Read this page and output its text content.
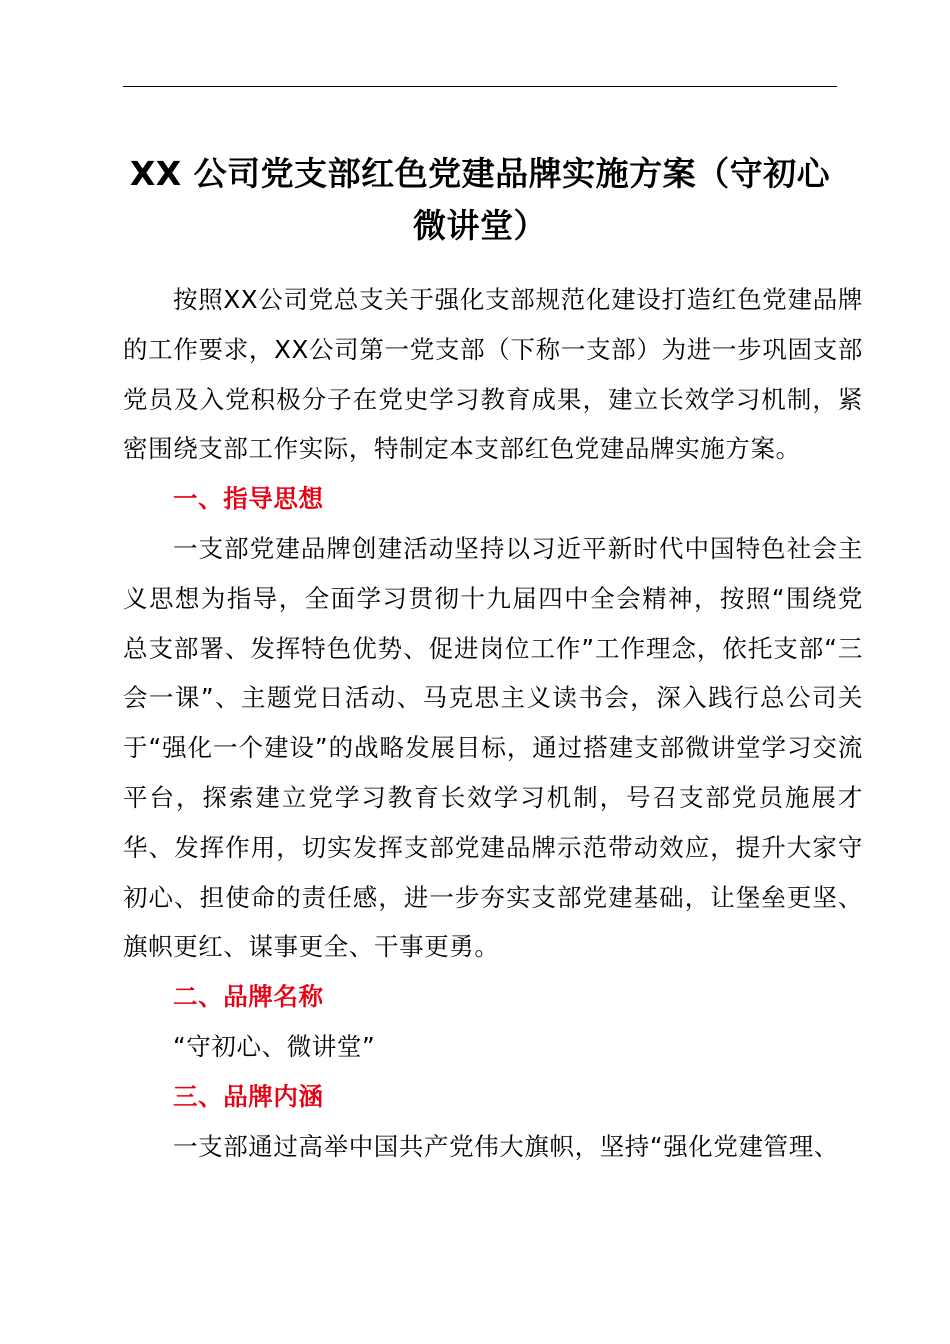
XX 公司党支部红色党建品牌实施方案（守初心微讲堂）

按照XX公司党总支关于强化支部规范化建设打造红色党建品牌的工作要求，XX公司第一党支部（下称一支部）为进一步巩固支部党员及入党积极分子在党史学习教育成果，建立长效学习机制，紧密围绕支部工作实际，特制定本支部红色党建品牌实施方案。

一、指导思想

一支部党建品牌创建活动坚持以习近平新时代中国特色社会主义思想为指导，全面学习贯彻十九届四中全会精神，按照“围绕党总支部署、发挥特色优势、促进岗位工作”工作理念，依托支部“三会一课”、主题党日活动、马克思主义读书会，深入践行总公司关于“强化一个建设”的战略发展目标，通过搭建支部微讲堂学习交流平台，探索建立党学习教育长效学习机制，号召支部党员施展才华、发挥作用，切实发挥支部党建品牌示范带动效应，提升大家守初心、担使命的责任感，进一步夯实支部党建基础，让堡垒更坚、旗帜更红、谋事更全、干事更勇。

二、品牌名称

“守初心、微讲堂”

三、品牌内涵

一支部通过高举中国共产党伟大旗帜，坚持“强化党建管理、
